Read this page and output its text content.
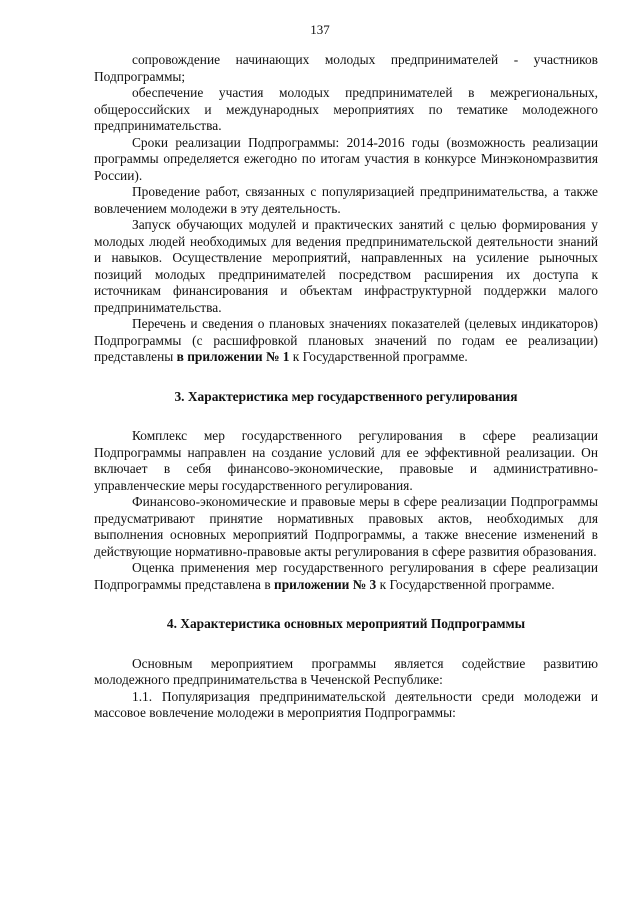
137

сопровождение начинающих молодых предпринимателей - участников Подпрограммы;

обеспечение участия молодых предпринимателей в межрегиональных, общероссийских и международных мероприятиях по тематике молодежного предпринимательства.

Сроки реализации Подпрограммы: 2014-2016 годы (возможность реализации программы определяется ежегодно по итогам участия в конкурсе Минэкономразвития России).

Проведение работ, связанных с популяризацией предпринимательства, а также вовлечением молодежи в эту деятельность.

Запуск обучающих модулей и практических занятий с целью формирования у молодых людей необходимых для ведения предпринимательской деятельности знаний и навыков. Осуществление мероприятий, направленных на усиление рыночных позиций молодых предпринимателей посредством расширения их доступа к источникам финансирования и объектам инфраструктурной поддержки малого предпринимательства.

Перечень и сведения о плановых значениях показателей (целевых индикаторов) Подпрограммы (с расшифровкой плановых значений по годам ее реализации) представлены в приложении № 1 к Государственной программе.

3. Характеристика мер государственного регулирования

Комплекс мер государственного регулирования в сфере реализации Подпрограммы направлен на создание условий для ее эффективной реализации. Он включает в себя финансово-экономические, правовые и административно-управленческие меры государственного регулирования.

Финансово-экономические и правовые меры в сфере реализации Подпрограммы предусматривают принятие нормативных правовых актов, необходимых для выполнения основных мероприятий Подпрограммы, а также внесение изменений в действующие нормативно-правовые акты регулирования в сфере развития образования.

Оценка применения мер государственного регулирования в сфере реализации Подпрограммы представлена в приложении № 3 к Государственной программе.

4. Характеристика основных мероприятий Подпрограммы

Основным мероприятием программы является содействие развитию молодежного предпринимательства в Чеченской Республике:

1.1. Популяризация предпринимательской деятельности среди молодежи и массовое вовлечение молодежи в мероприятия Подпрограммы:
